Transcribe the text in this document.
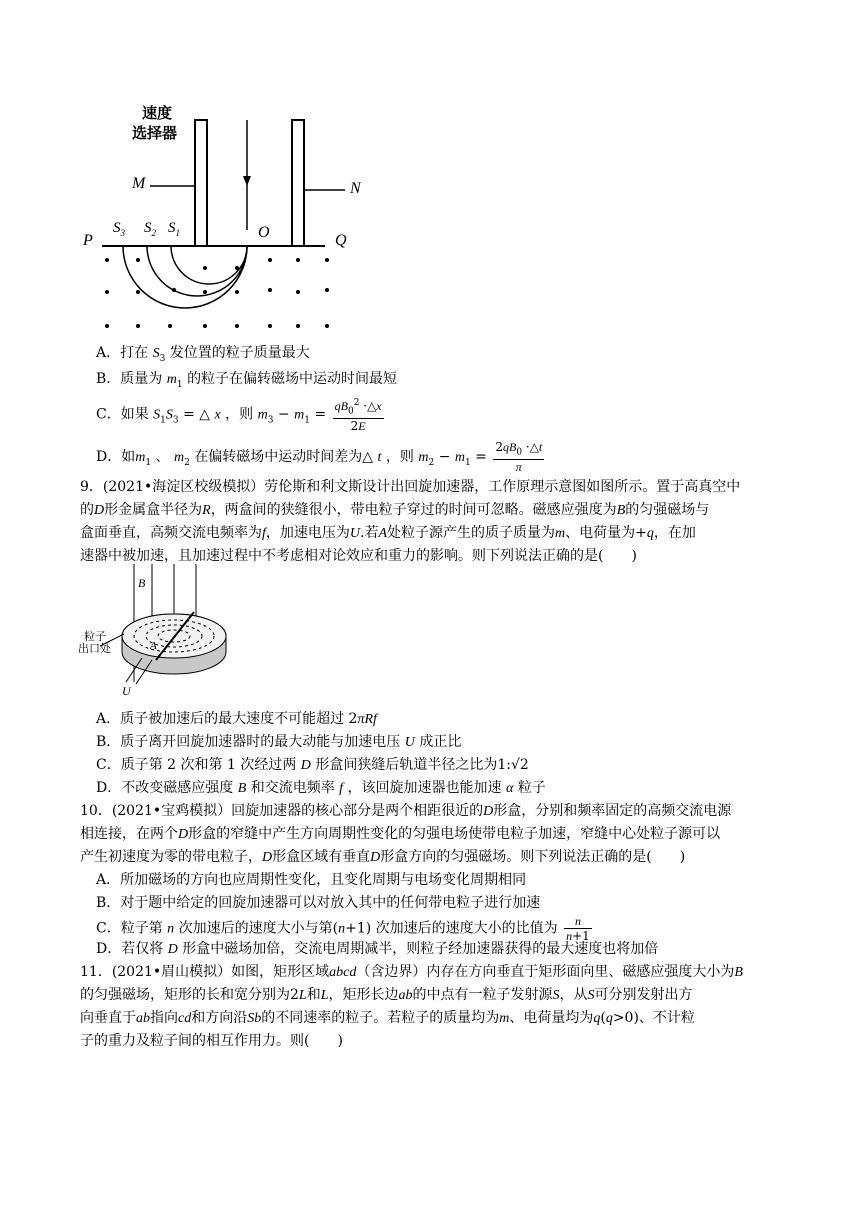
速度
选择器
M	N
P	Q
O
$S_3$ $S_2$ $S_1$
A．打在 $S_3$ 发位置的粒子质量最大
B．质量为 $m_1$ 的粒子在偏转磁场中运动时间最短
C．如果 $S_1S_3$ = △ x ，则 $m_3 - m_1 = \frac{qB_0^2 \cdot\triangle x}{2E}$
D．如$m_1$ 、 $m_2$ 在偏转磁场中运动时间差为△ t ，则 $m_2 - m_1 = \frac{2qB_0 \cdot\triangle t}{\pi}$
9．(2021•海淀区校级模拟）劳伦斯和利文斯设计出回旋加速器，工作原理示意图如图所示。置于高真空中
的D形金属盒半径为R，两盒间的狭缝很小，带电粒子穿过的时间可忽略。磁感应强度为B的匀强磁场与
盒面垂直，高频交流电频率为f，加速电压为U.若A处粒子源产生的质子质量为m、电荷量为+q，在加
速器中被加速，且加速过程中不考虑相对论效应和重力的影响。则下列说法正确的是(　　)
B
粒子
出口处	A
U
A．质子被加速后的最大速度不可能超过 2πRf
B．质子离开回旋加速器时的最大动能与加速电压 U 成正比
C．质子第 2 次和第 1 次经过两 D 形盒间狭缝后轨道半径之比为1:√2
D．不改变磁感应强度 B 和交流电频率 f ，该回旋加速器也能加速 α 粒子
10．(2021•宝鸡模拟）回旋加速器的核心部分是两个相距很近的D形盒，分别和频率固定的高频交流电源
相连接，在两个D形盒的窄缝中产生方向周期性变化的匀强电场使带电粒子加速，窄缝中心处粒子源可以
产生初速度为零的带电粒子，D形盒区域有垂直D形盒方向的匀强磁场。则下列说法正确的是(　　)
A．所加磁场的方向也应周期性变化，且变化周期与电场变化周期相同
B．对于题中给定的回旋加速器可以对放入其中的任何带电粒子进行加速
C．粒子第 n 次加速后的速度大小与第(n+1) 次加速后的速度大小的比值为 $\frac{n}{n+1}$
D．若仅将 D 形盒中磁场加倍，交流电周期减半，则粒子经加速器获得的最大速度也将加倍
11．(2021•眉山模拟）如图，矩形区域abcd（含边界）内存在方向垂直于矩形面向里、磁感应强度大小为B
的匀强磁场，矩形的长和宽分别为2L和L，矩形长边ab的中点有一粒子发射源S，从S可分别发射出方
向垂直于ab指向cd和方向沿Sb的不同速率的粒子。若粒子的质量均为m、电荷量均为q(q>0)、不计粒
子的重力及粒子间的相互作用力。则(　　)
